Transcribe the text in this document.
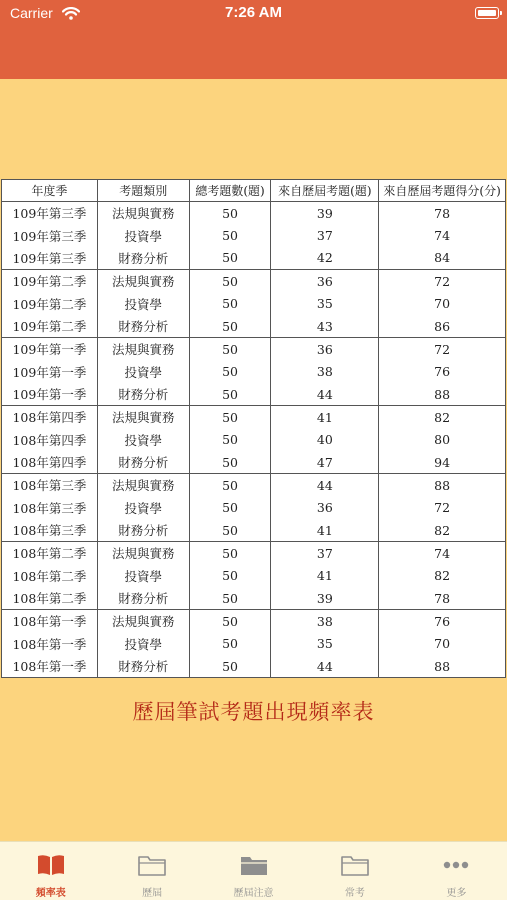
Carrier	7:26 AM
年度季	考題類別	總考題數(題)	來自歷屆考題(題)	來自歷屆考題得分(分)
109年第三季	法規與實務	50	39	78
109年第三季	投資學	50	37	74
109年第三季	財務分析	50	42	84
109年第二季	法規與實務	50	36	72
109年第二季	投資學	50	35	70
109年第二季	財務分析	50	43	86
109年第一季	法規與實務	50	36	72
109年第一季	投資學	50	38	76
109年第一季	財務分析	50	44	88
108年第四季	法規與實務	50	41	82
108年第四季	投資學	50	40	80
108年第四季	財務分析	50	47	94
108年第三季	法規與實務	50	44	88
108年第三季	投資學	50	36	72
108年第三季	財務分析	50	41	82
108年第二季	法規與實務	50	37	74
108年第二季	投資學	50	41	82
108年第二季	財務分析	50	39	78
108年第一季	法規與實務	50	38	76
108年第一季	投資學	50	35	70
108年第一季	財務分析	50	44	88
歷屆筆試考題出現頻率表
頻率表	歷屆	歷屆注意	常考	更多
